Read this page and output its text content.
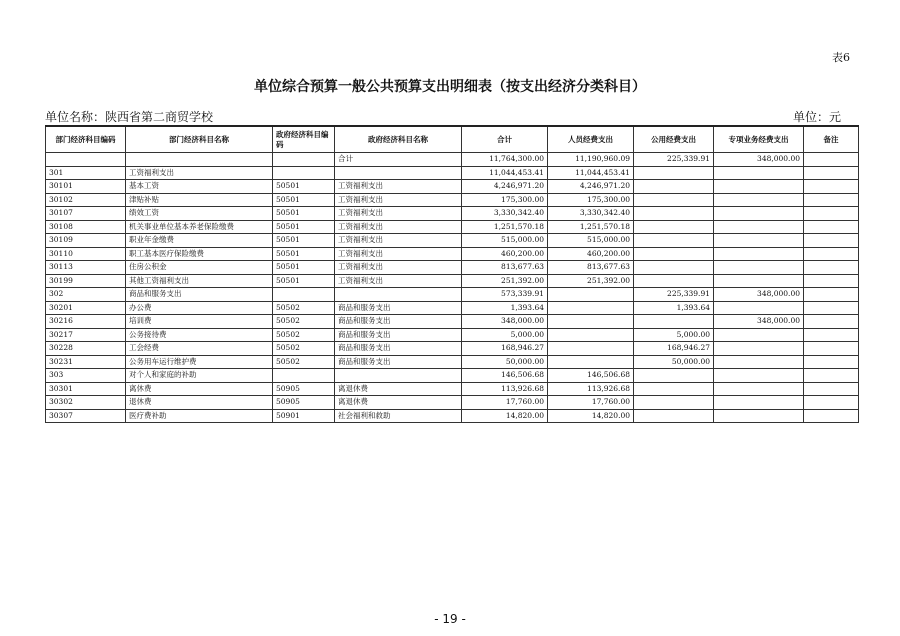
表6
单位综合预算一般公共预算支出明细表（按支出经济分类科目）
单位名称：陕西省第二商贸学校	单位：元
部门经济科目编码	部门经济科目名称	政府经济科目编码	政府经济科目名称	合计	人员经费支出	公用经费支出	专项业务经费支出	备注
			合计	11,764,300.00	11,190,960.09	225,339.91	348,000.00	
301	工资福利支出			11,044,453.41	11,044,453.41			
30101	基本工资	50501	工资福利支出	4,246,971.20	4,246,971.20			
30102	津贴补贴	50501	工资福利支出	175,300.00	175,300.00			
30107	绩效工资	50501	工资福利支出	3,330,342.40	3,330,342.40			
30108	机关事业单位基本养老保险缴费	50501	工资福利支出	1,251,570.18	1,251,570.18			
30109	职业年金缴费	50501	工资福利支出	515,000.00	515,000.00			
30110	职工基本医疗保险缴费	50501	工资福利支出	460,200.00	460,200.00			
30113	住房公积金	50501	工资福利支出	813,677.63	813,677.63			
30199	其他工资福利支出	50501	工资福利支出	251,392.00	251,392.00			
302	商品和服务支出			573,339.91		225,339.91	348,000.00	
30201	办公费	50502	商品和服务支出	1,393.64		1,393.64		
30216	培训费	50502	商品和服务支出	348,000.00			348,000.00	
30217	公务接待费	50502	商品和服务支出	5,000.00		5,000.00		
30228	工会经费	50502	商品和服务支出	168,946.27		168,946.27		
30231	公务用车运行维护费	50502	商品和服务支出	50,000.00		50,000.00		
303	对个人和家庭的补助			146,506.68	146,506.68			
30301	离休费	50905	离退休费	113,926.68	113,926.68			
30302	退休费	50905	离退休费	17,760.00	17,760.00			
30307	医疗费补助	50901	社会福利和救助	14,820.00	14,820.00			
- 19 -
